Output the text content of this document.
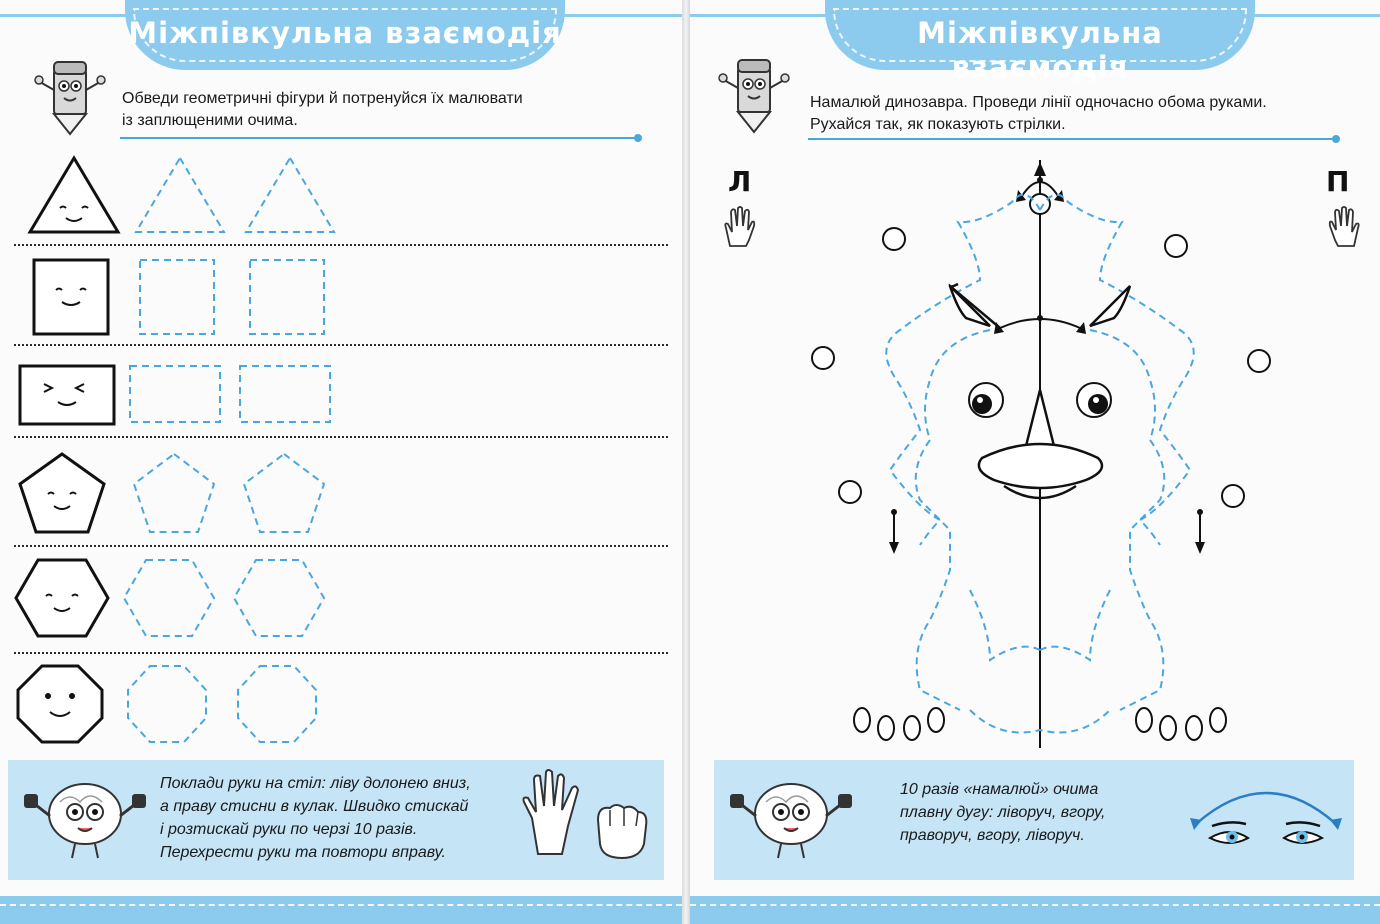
Міжпівкульна взаємодія
Обведи геометричні фігури й потренуйся їх малювати
із заплющеними очима.
Поклади руки на стіл: ліву долонею вниз,
а праву стисни в кулак. Швидко стискай
і розтискай руки по черзі 10 разів.
Перехрести руки та повтори вправу.
Міжпівкульна взаємодія
Намалюй динозавра. Проведи лінії одночасно обома руками.
Рухайся так, як показують стрілки.
Л	П
10 разів «намалюй» очима
плавну дугу: ліворуч, вгору,
праворуч, вгору, ліворуч.
